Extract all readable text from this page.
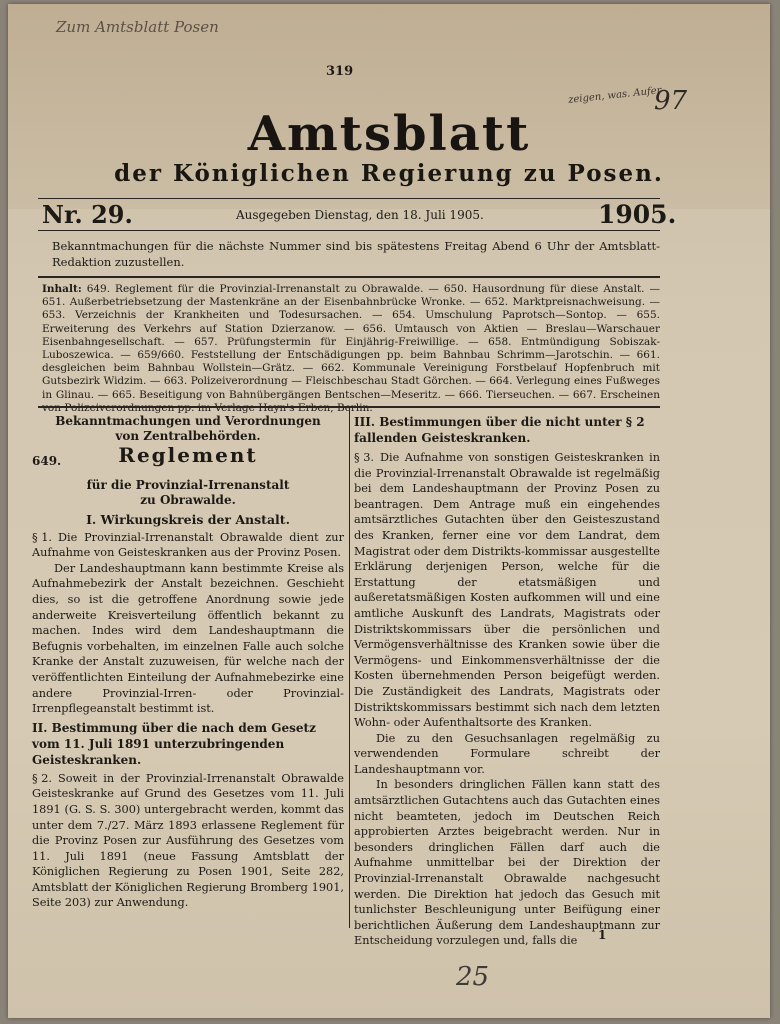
Zum Amtsblatt Posen
319
zeigen, was. Aufer
97
Amtsblatt
der Königlichen Regierung zu Posen.
Nr. 29.	Ausgegeben Dienstag, den 18. Juli 1905.	1905.
Bekanntmachungen für die nächste Nummer sind bis spätestens Freitag Abend 6 Uhr der Amtsblatt-Redaktion zuzustellen.
Inhalt: 649. Reglement für die Provinzial-Irrenanstalt zu Obrawalde. — 650. Hausordnung für diese Anstalt. — 651. Außerbetriebsetzung der Mastenkräne an der Eisenbahnbrücke Wronke. — 652. Marktpreisnachweisung. — 653. Verzeichnis der Krankheiten und Todesursachen. — 654. Umschulung Paprotsch—Sontop. — 655. Erweiterung des Verkehrs auf Station Dzierzanow. — 656. Umtausch von Aktien — Breslau—Warschauer Eisenbahngesellschaft. — 657. Prüfungstermin für Einjährig-Freiwillige. — 658. Entmündigung Sobiszak-Luboszewica. — 659/660. Feststellung der Entschädigungen pp. beim Bahnbau Schrimm—Jarotschin. — 661. desgleichen beim Bahnbau Wollstein—Grätz. — 662. Kommunale Vereinigung Forstbelauf Hopfenbruch mit Gutsbezirk Widzim. — 663. Polizeiverordnung — Fleischbeschau Stadt Görchen. — 664. Verlegung eines Fußweges in Glinau. — 665. Beseitigung von Bahnübergängen Bentschen—Meseritz. — 666. Tierseuchen. — 667. Erscheinen
Bekanntmachungen und Verordnungen von Zentralbehörden.
649.	Reglement
für die Provinzial-Irrenanstalt
zu Obrawalde.
I. Wirkungskreis der Anstalt.

§ 1. Die Provinzial-Irrenanstalt Obrawalde dient zur Aufnahme von Geisteskranken aus der Provinz Posen.

Der Landeshauptmann kann bestimmte Kreise als Aufnahmebezirk der Anstalt bezeichnen. Geschieht dies, so ist die getroffene Anordnung sowie jede anderweite Kreisverteilung öffentlich bekannt zu machen. Indes wird dem Landeshauptmann die Befugnis vorbehalten, im einzelnen Falle auch solche Kranke der Anstalt zuzuweisen, für welche nach der veröffentlichten Einteilung der Aufnahmebezirke eine andere Provinzial-Irren- oder Provinzial-Irrenpflegeanstalt bestimmt ist.

II. Bestimmung über die nach dem Gesetz vom 11. Juli 1891 unterzubringenden Geisteskranken.

§ 2. Soweit in der Provinzial-Irrenanstalt Obrawalde Geisteskranke auf Grund des Gesetzes vom 11. Juli 1891 (G. S. S. 300) untergebracht werden, kommt das unter dem 7./27. März 1893 erlassene Reglement für die Provinz Posen zur Ausführung des Gesetzes vom 11. Juli 1891 (neue Fassung Amtsblatt der Königlichen Regierung zu Posen 1901, Seite 282, Amtsblatt der Königlichen Regierung Bromberg 1901, Seite 203) zur Anwendung.

III. Bestimmungen über die nicht unter § 2 fallenden Geisteskranken.

§ 3. Die Aufnahme von sonstigen Geisteskranken in die Provinzial-Irrenanstalt Obrawalde ist regelmäßig bei dem Landeshauptmann der Provinz Posen zu beantragen. Dem Antrage muß ein eingehendes amtsärztliches Gutachten über den Geisteszustand des Kranken, ferner eine vor dem Landrat, dem Magistrat oder dem Distrikts-kommissar ausgestellte Erklärung derjenigen Person, welche für die Erstattung der etatsmäßigen und außeretatsmäßigen Kosten aufkommen will und eine amtliche Auskunft des Landrats, Magistrats oder Distriktskommissars über die persönlichen und Vermögensverhältnisse des Kranken sowie über die Vermögens- und Einkommensverhältnisse der die Kosten übernehmenden Person beigefügt werden. Die Zuständigkeit des Landrats, Magistrats oder Distriktskommissars bestimmt sich nach dem letzten Wohn- oder Aufenthaltsorte des Kranken.

Die zu den Gesuchsanlagen regelmäßig zu verwendenden Formulare schreibt der Landeshauptmann vor.

In besonders dringlichen Fällen kann statt des amtsärztlichen Gutachtens auch das Gutachten eines nicht beamteten, jedoch im Deutschen Reich approbierten Arztes beigebracht werden. Nur in besonders dringlichen Fällen darf auch die Aufnahme unmittelbar bei der Direktion der Provinzial-Irrenanstalt Obrawalde nachgesucht werden. Die Direktion hat jedoch das Gesuch mit tunlichster Beschleunigung unter Beifügung einer berichtlichen Äußerung dem Landeshauptmann zur Entscheidung vorzulegen und, falls die	1
25
